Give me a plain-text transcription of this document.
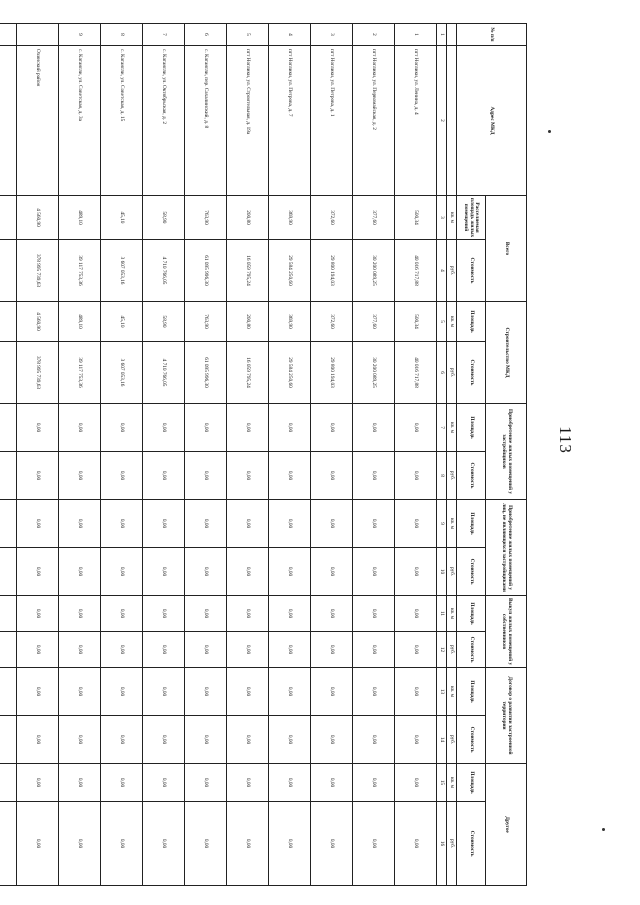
113
№ п/п	Адрес МКД	Всего		Строительство МКД		Приобретение жилых помещений у застройщиков		Приобретение жилых помещений у лиц, не являющихся застройщиками		Выкуп жилых помещений у собственников		Договор о развитии застроенной территории		Другое	
		Расселяемая площадь жилых помещений	Стоимость	Площадь	Стоимость	Площадь	Стоимость	Площадь	Стоимость	Площадь	Стоимость	Площадь	Стоимость	Площадь	Стоимость
		кв. м	руб.	кв. м	руб.	кв. м	руб.	кв. м	руб.	кв. м	руб.	кв. м	руб.	кв. м	руб.
1	2	3	4	5	6	7	8	9	10	11	12	13	14	15	16
1	пгт Ноглики, ул. Ленина, д. 4	500,34	40 016 717,88	500,34	40 016 717,88	0,00	0,00	0,00	0,00	0,00	0,00	0,00	0,00	0,00	0,00
2	пгт Ноглики, ул. Первомайская, д. 2	377,60	30 200 089,25	377,60	30 200 089,25	0,00	0,00	0,00	0,00	0,00	0,00	0,00	0,00	0,00	0,00
3	пгт Ноглики, ул. Петрова, д. 1	372,60	29 800 194,03	372,60	29 800 194,03	0,00	0,00	0,00	0,00	0,00	0,00	0,00	0,00	0,00	0,00
4	пгт Ноглики, ул. Петрова, д. 7	369,90	29 584 250,60	369,90	29 584 250,60	0,00	0,00	0,00	0,00	0,00	0,00	0,00	0,00	0,00	0,00
5	пгт Ноглики, ул. Строительная, д. 19а	200,80	16 059 795,24	200,80	16 059 795,24	0,00	0,00	0,00	0,00	0,00	0,00	0,00	0,00	0,00	0,00
6	с. Катангли, пер. Сахалинский, д. 8	763,90	61 095 996,30	763,90	61 095 996,30	0,00	0,00	0,00	0,00	0,00	0,00	0,00	0,00	0,00	0,00
7	с. Катангли, ул. Октябрьская, д. 2	58,90	4 710 766,05	58,90	4 710 766,05	0,00	0,00	0,00	0,00	0,00	0,00	0,00	0,00	0,00	0,00
8	с. Катангли, ул. Советская, д. 15	45,10	3 607 053,16	45,10	3 607 053,16	0,00	0,00	0,00	0,00	0,00	0,00	0,00	0,00	0,00	0,00
9	с. Катангли, ул. Советская, д. 3а	489,10	39 117 753,36	489,10	39 117 753,36	0,00	0,00	0,00	0,00	0,00	0,00	0,00	0,00	0,00	0,00
	Охинский район	4 560,90	378 995 739,63	4 560,90	378 995 739,63	0,00	0,00	0,00	0,00	0,00	0,00	0,00	0,00	0,00	0,00
